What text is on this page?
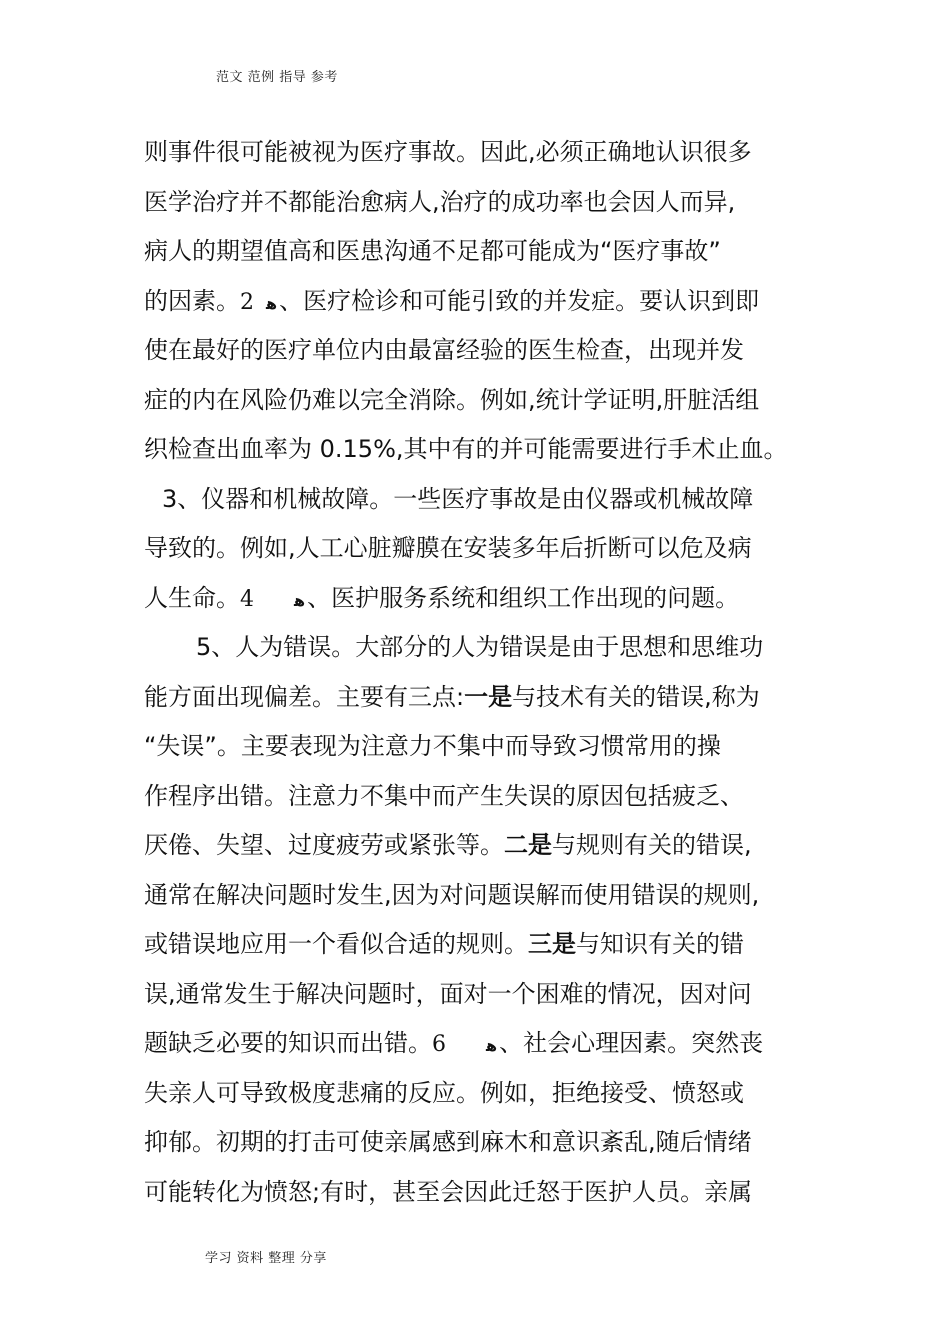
范文 范例 指导 参考
则事件很可能被视为医疗事故。因此,必须正确地认识很多
医学治疗并不都能治愈病人,治疗的成功率也会因人而异,
病人的期望值高和医患沟通不足都可能成为“医疗事故”
的因素。2 ﻫ、医疗检诊和可能引致的并发症。要认识到即
使在最好的医疗单位内由最富经验的医生检查，出现并发
症的内在风险仍难以完全消除。例如,统计学证明,肝脏活组
织检查出血率为 0.15%,其中有的并可能需要进行手术止血。
3、仪器和机械故障。一些医疗事故是由仪器或机械故障
导致的。例如,人工心脏瓣膜在安装多年后折断可以危及病
人生命。4	ﻫ、医护服务系统和组织工作出现的问题。
5、人为错误。大部分的人为错误是由于思想和思维功
能方面出现偏差。主要有三点:一是与技术有关的错误,称为
“失误”。主要表现为注意力不集中而导致习惯常用的操
作程序出错。注意力不集中而产生失误的原因包括疲乏、
厌倦、失望、过度疲劳或紧张等。二是与规则有关的错误,
通常在解决问题时发生,因为对问题误解而使用错误的规则,
或错误地应用一个看似合适的规则。三是与知识有关的错
误,通常发生于解决问题时，面对一个困难的情况，因对问
题缺乏必要的知识而出错。6	ﻫ、社会心理因素。突然丧
失亲人可导致极度悲痛的反应。例如，拒绝接受、愤怒或
抑郁。初期的打击可使亲属感到麻木和意识紊乱,随后情绪
可能转化为愤怒;有时，甚至会因此迁怒于医护人员。亲属
学习 资料 整理 分享
